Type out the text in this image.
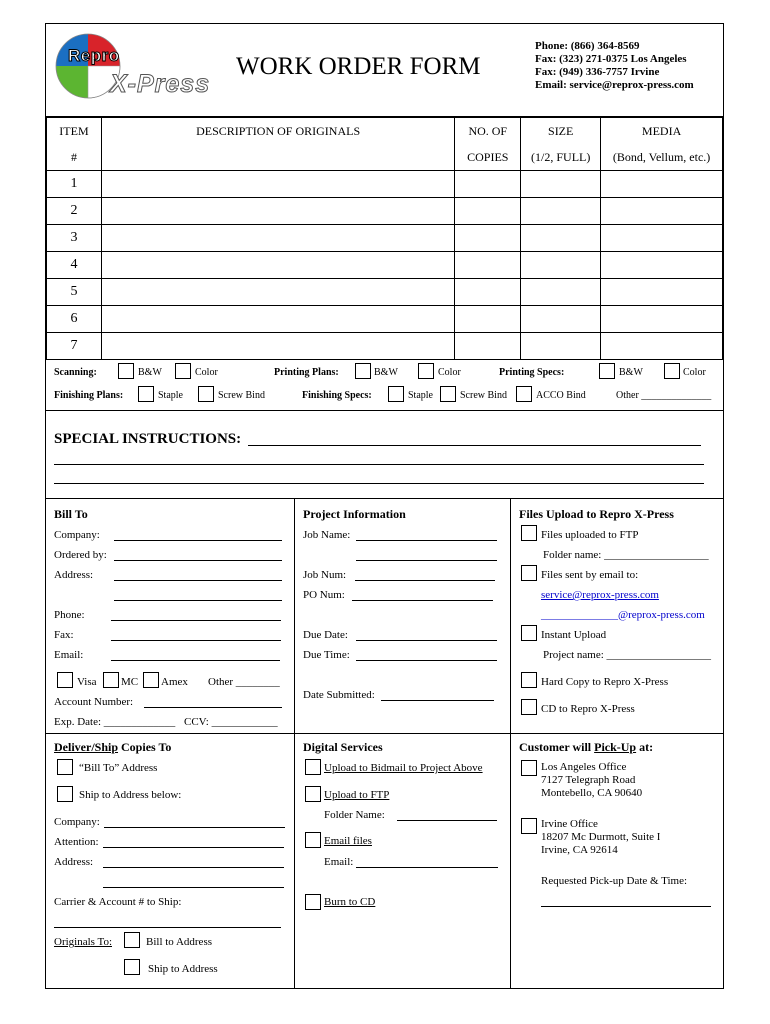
Repro
X-Press
WORK ORDER FORM
Phone: (866) 364-8569
Fax: (323) 271-0375 Los Angeles
Fax: (949) 336-7757 Irvine
Email: service@reprox-press.com
ITEM	DESCRIPTION OF ORIGINALS	NO. OF	SIZE	MEDIA
#		COPIES	(1/2, FULL)	(Bond, Vellum, etc.)
1				
2				
3				
4				
5				
6				
7				
Scanning:	B&W	Color	Printing Plans:	B&W	Color	Printing Specs:	B&W	Color
Finishing Plans:	Staple	Screw Bind	Finishing Specs:	Staple	Screw Bind	ACCO Bind	Other ______________
SPECIAL INSTRUCTIONS:
Bill To
Company:
Ordered by:
Address:
Phone:
Fax:
Email:
Visa MC Amex Other ________
Account Number:
Exp. Date: _____________ CCV: ____________
Project Information
Job Name:
Job Num:
PO Num:
Due Date:
Due Time:
Date Submitted:
Files Upload to Repro X-Press
Files uploaded to FTP
Folder name: ___________________
Files sent by email to:
service@reprox-press.com
______________@reprox-press.com
Instant Upload
Project name: ___________________
Hard Copy to Repro X-Press
CD to Repro X-Press
Deliver/Ship Copies To
“Bill To” Address
Ship to Address below:
Company:
Attention:
Address:
Carrier & Account # to Ship:
Originals To:	Bill to Address
Ship to Address
Digital Services
Upload to Bidmail to Project Above
Upload to FTP
Folder Name:
Email files
Email:
Burn to CD
Customer will Pick-Up at:
Los Angeles Office
7127 Telegraph Road
Montebello, CA 90640
Irvine Office
18207 Mc Durmott, Suite I
Irvine, CA 92614
Requested Pick-up Date & Time:
